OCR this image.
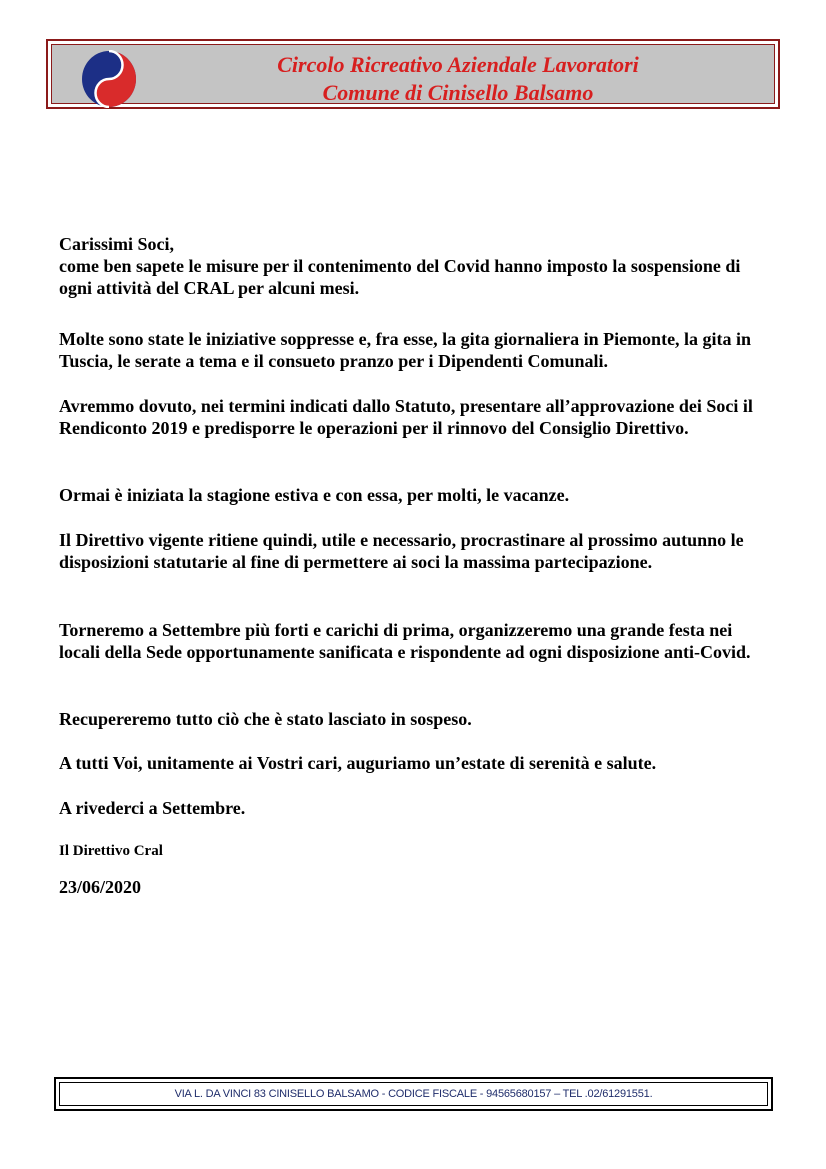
Circolo Ricreativo Aziendale Lavoratori
Comune di Cinisello Balsamo
Carissimi Soci,
come ben sapete le misure per il contenimento del Covid hanno imposto la sospensione di ogni attività del CRAL per alcuni mesi.

Molte sono state le iniziative soppresse e, fra esse, la gita giornaliera in Piemonte, la gita in Tuscia, le serate a tema e il consueto pranzo per i Dipendenti Comunali.

Avremmo dovuto, nei termini indicati dallo Statuto, presentare all’approvazione dei Soci il Rendiconto 2019 e predisporre le operazioni per il rinnovo del Consiglio Direttivo.

Ormai è iniziata la stagione estiva e con essa, per molti, le vacanze.

Il Direttivo vigente ritiene quindi, utile e necessario, procrastinare al prossimo autunno le disposizioni statutarie al fine di permettere ai soci la massima partecipazione.

Torneremo a Settembre più forti e carichi di prima, organizzeremo una grande festa nei locali della Sede opportunamente sanificata e rispondente ad ogni disposizione anti-Covid.

Recupereremo tutto ciò che è stato lasciato in sospeso.

A tutti Voi, unitamente ai Vostri cari, auguriamo un’estate di serenità e salute.

A rivederci a Settembre.

Il Direttivo Cral
23/06/2020
VIA L. DA VINCI 83 CINISELLO BALSAMO - CODICE FISCALE - 94565680157 – TEL .02/61291551.
